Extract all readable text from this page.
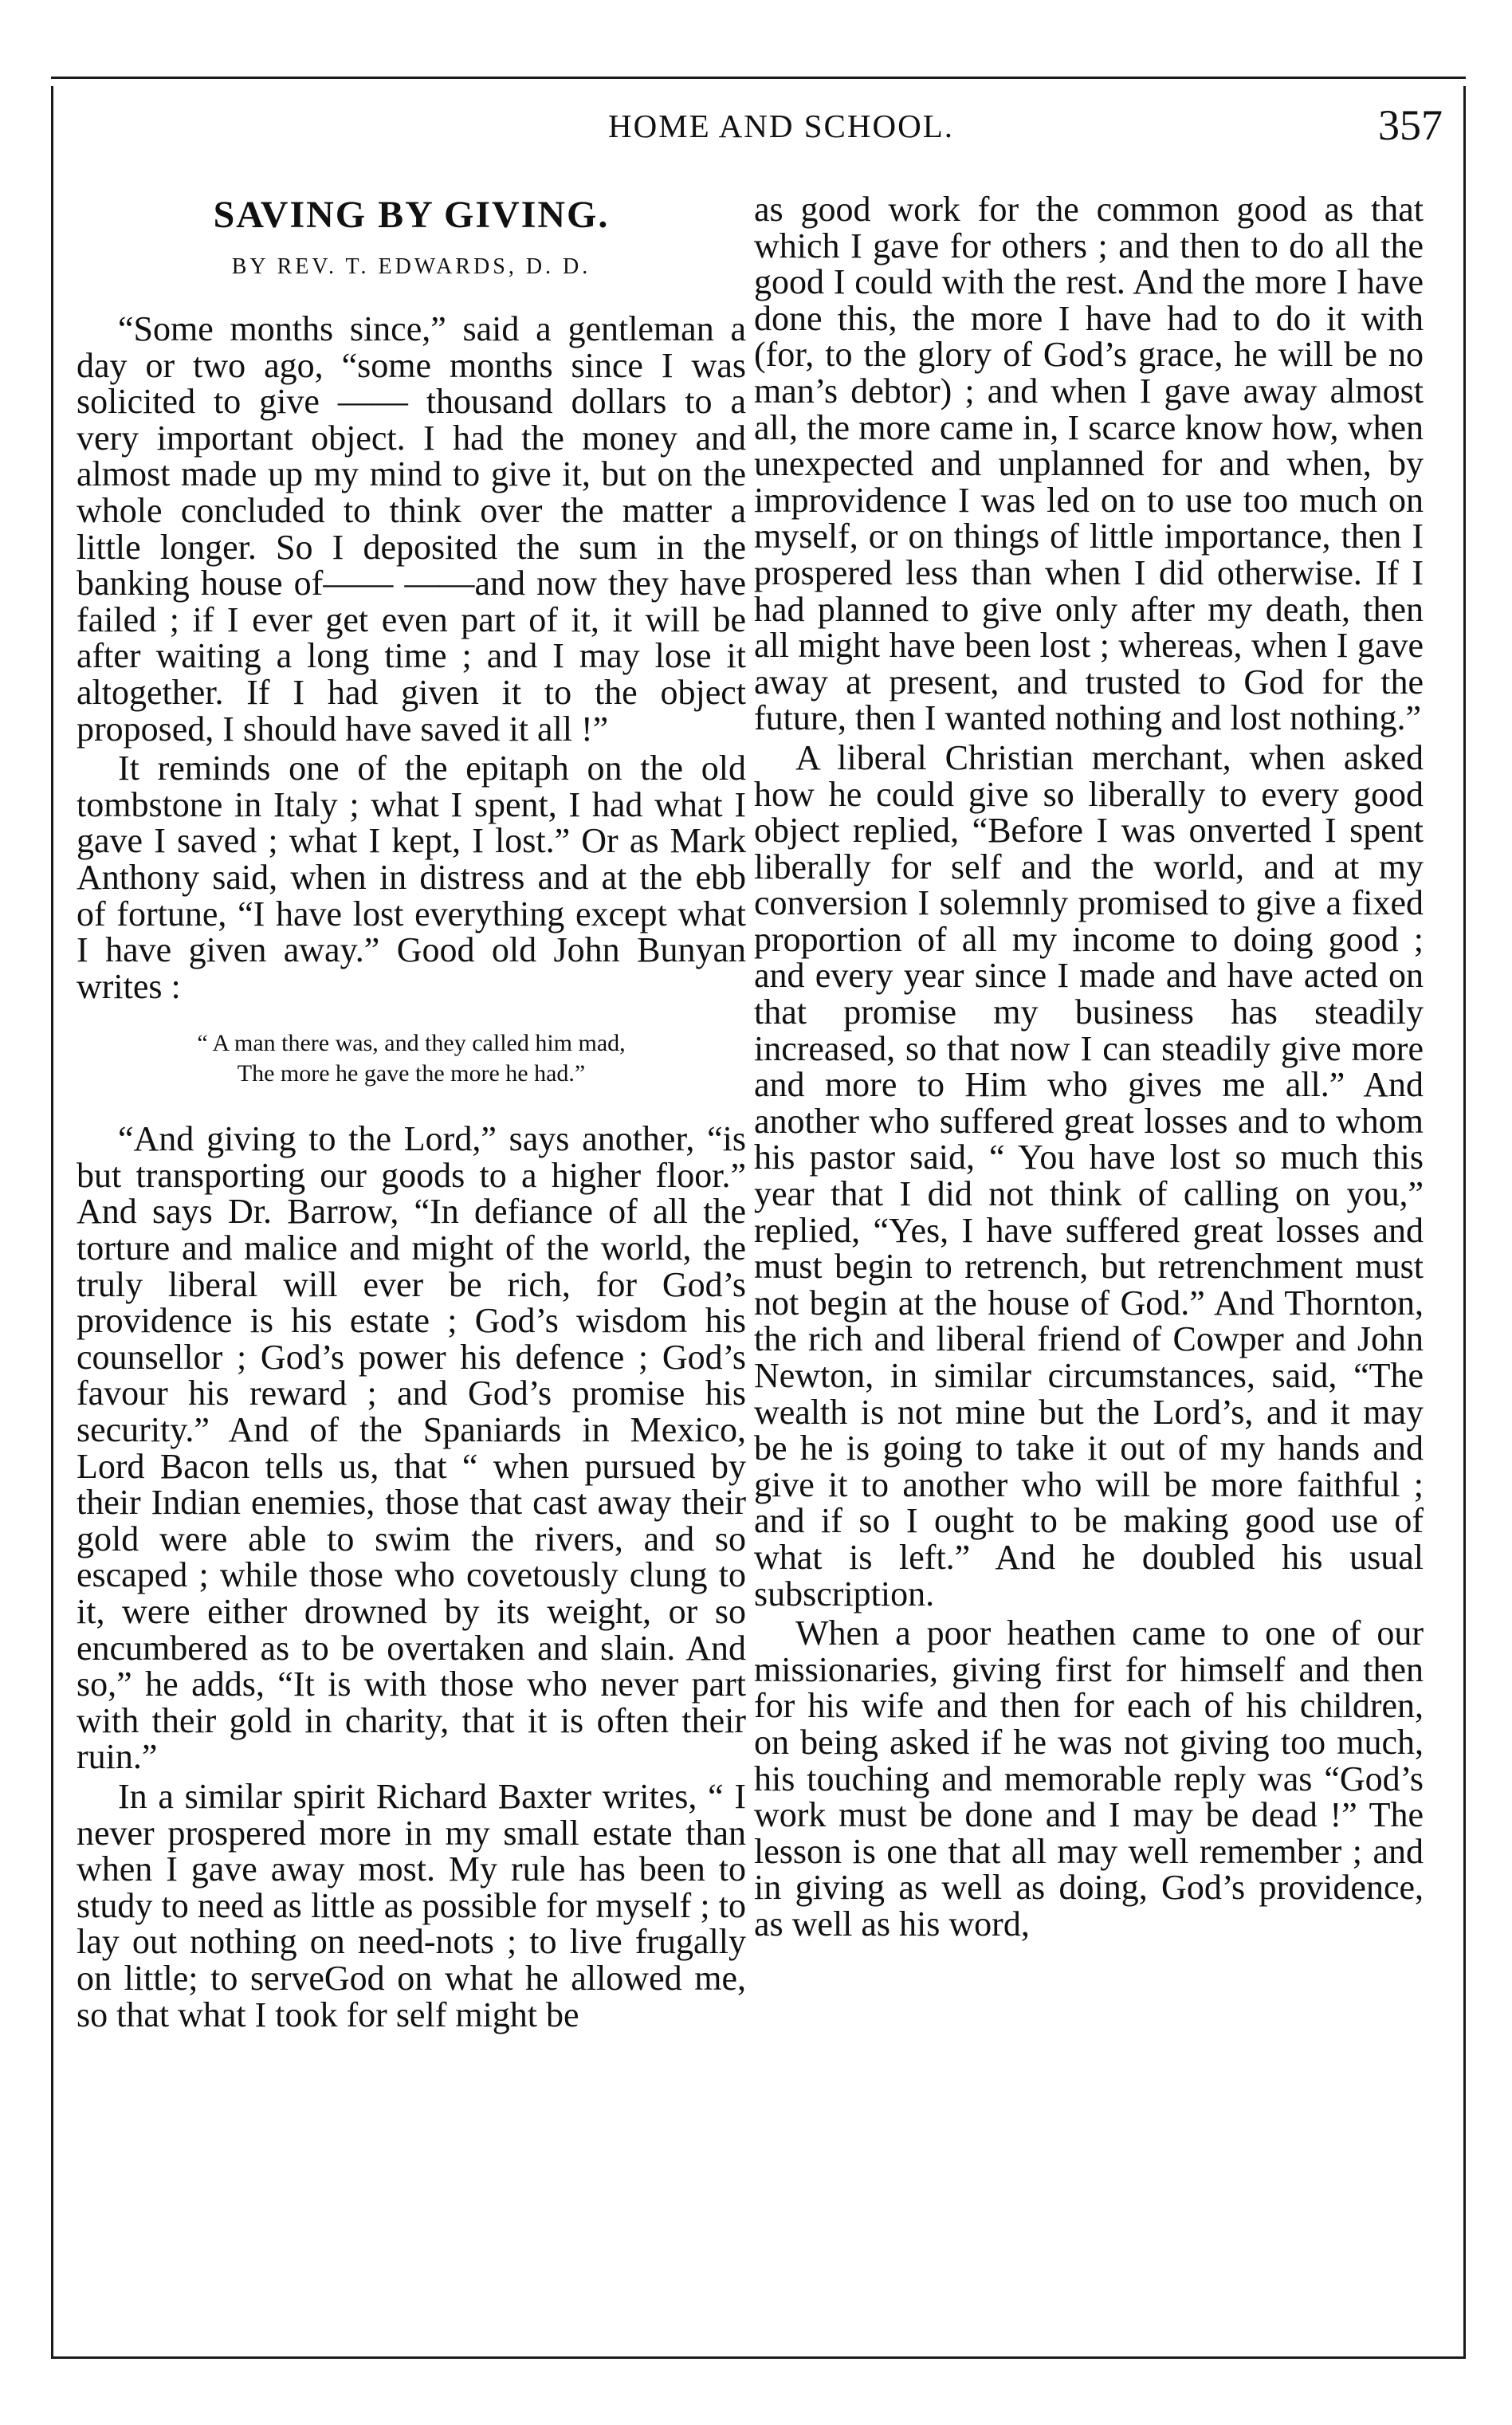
HOME AND SCHOOL.	357
SAVING BY GIVING.
BY REV. T. EDWARDS, D. D.

“Some months since,” said a gentleman a day or two ago, “some months since I was solicited to give —— thousand dollars to a very important object. I had the money and almost made up my mind to give it, but on the whole concluded to think over the matter a little longer. So I deposited the sum in the banking house of—— ——and now they have failed ; if I ever get even part of it, it will be after waiting a long time ; and I may lose it altogether. If I had given it to the object proposed, I should have saved it all !”

It reminds one of the epitaph on the old tombstone in Italy ; what I spent, I had what I gave I saved ; what I kept, I lost.” Or as Mark Anthony said, when in distress and at the ebb of fortune, “I have lost everything except what I have given away.” Good old John Bunyan writes :

“ A man there was, and they called him mad,
The more he gave the more he had.”

“And giving to the Lord,” says another, “is but transporting our goods to a higher floor.” And says Dr. Barrow, “In defiance of all the torture and malice and might of the world, the truly liberal will ever be rich, for God’s providence is his estate ; God’s wisdom his counsellor ; God’s power his defence ; God’s favour his reward ; and God’s promise his security.” And of the Spaniards in Mexico, Lord Bacon tells us, that “ when pursued by their Indian enemies, those that cast away their gold were able to swim the rivers, and so escaped ; while those who covetously clung to it, were either drowned by its weight, or so encumbered as to be overtaken and slain. And so,” he adds, “It is with those who never part with their gold in charity, that it is often their ruin.”

In a similar spirit Richard Baxter writes, “ I never prospered more in my small estate than when I gave away most. My rule has been to study to need as little as possible for myself ; to lay out nothing on need-nots ; to live frugally on little; to serveGod on what he allowed me, so that what I took for self might be

as good work for the common good as that which I gave for others ; and then to do all the good I could with the rest. And the more I have done this, the more I have had to do it with (for, to the glory of God’s grace, he will be no man’s debtor) ; and when I gave away almost all, the more came in, I scarce know how, when unexpected and unplanned for and when, by improvidence I was led on to use too much on myself, or on things of little importance, then I prospered less than when I did otherwise. If I had planned to give only after my death, then all might have been lost ; whereas, when I gave away at present, and trusted to God for the future, then I wanted nothing and lost nothing.”

A liberal Christian merchant, when asked how he could give so liberally to every good object replied, “Before I was onverted I spent liberally for self and the world, and at my conversion I solemnly promised to give a fixed proportion of all my income to doing good ; and every year since I made and have acted on that promise my business has steadily increased, so that now I can steadily give more and more to Him who gives me all.” And another who suffered great losses and to whom his pastor said, “ You have lost so much this year that I did not think of calling on you,” replied, “Yes, I have suffered great losses and must begin to retrench, but retrenchment must not begin at the house of God.” And Thornton, the rich and liberal friend of Cowper and John Newton, in similar circumstances, said, “The wealth is not mine but the Lord’s, and it may be he is going to take it out of my hands and give it to another who will be more faithful ; and if so I ought to be making good use of what is left.” And he doubled his usual subscription.

When a poor heathen came to one of our missionaries, giving first for himself and then for his wife and then for each of his children, on being asked if he was not giving too much, his touching and memorable reply was “God’s work must be done and I may be dead !” The lesson is one that all may well remember ; and in giving as well as doing, God’s providence, as well as his word,
